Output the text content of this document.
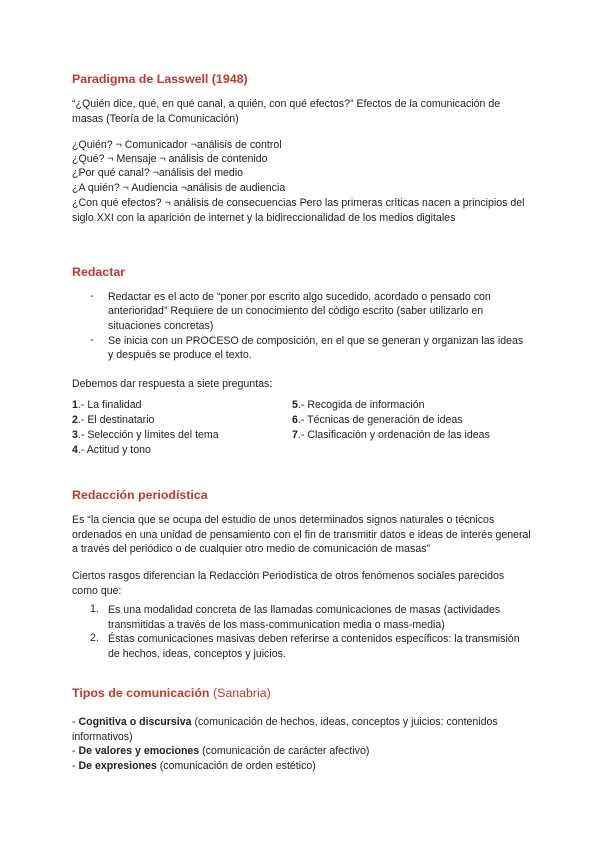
Paradigma de Lasswell (1948)
“¿Quién dice, qué, en qué canal, a quién, con qué efectos?” Efectos de la comunicación de masas (Teoría de la Comunicación)
¿Quién? ¬ Comunicador ¬análisis de control
¿Qué? ¬ Mensaje ¬ análisis de contenido
¿Por qué canal? ¬análisis del medio
¿A quién? ¬ Audiencia ¬análisis de audiencia
¿Con qué efectos? ¬ análisis de consecuencias Pero las primeras críticas nacen a principios del siglo XXI con la aparición de internet y la bidireccionalidad de los medios digitales
Redactar
- Redactar es el acto de “poner por escrito algo sucedido, acordado o pensado con anterioridad” Requiere de un conocimiento del código escrito (saber utilizarlo en situaciones concretas)
- Se inicia con un PROCESO de composición, en el que se generan y organizan las ideas y después se produce el texto.
Debemos dar respuesta a siete preguntas:
1.- La finalidad
2.- El destinatario
3.- Selección y límites del tema
4.- Actitud y tono
5.- Recogida de información
6.- Técnicas de generación de ideas
7.- Clasificación y ordenación de las ideas
Redacción periodística
Es “la ciencia que se ocupa del estudio de unos determinados signos naturales o técnicos ordenados en una unidad de pensamiento con el fin de transmitir datos e ideas de interés general a través del periódico o de cualquier otro medio de comunicación de masas”
Ciertos rasgos diferencian la Redacción Periodística de otros fenómenos sociales parecidos como que:
1. Es una modalidad concreta de las llamadas comunicaciones de masas (actividades transmitidas a través de los mass-communication media o mass-media)
2. Éstas comunicaciones masivas deben referirse a contenidos específicos: la transmisión de hechos, ideas, conceptos y juicios.
Tipos de comunicación (Sanabria)
- Cognitiva o discursiva (comunicación de hechos, ideas, conceptos y juicios: contenidos informativos)
- De valores y emociones (comunicación de carácter afectivo)
- De expresiones (comunicación de orden estético)
